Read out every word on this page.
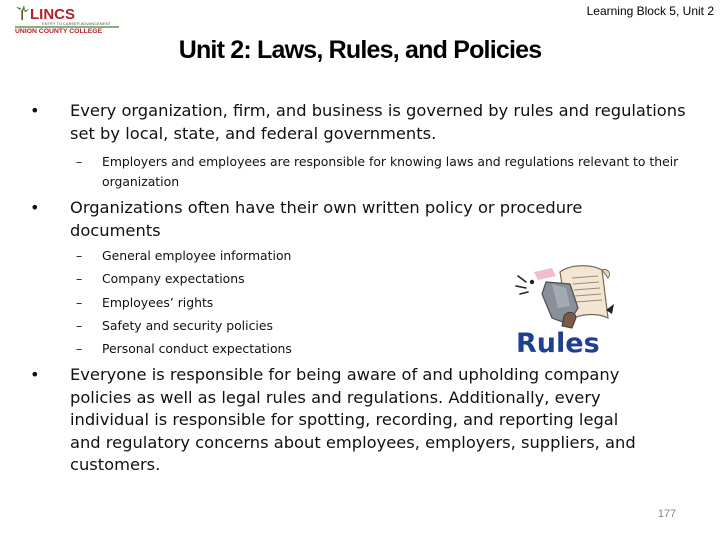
LINCS
ENTRY TO CAREER ADVANCEMENT
UNION COUNTY COLLEGE
Learning Block 5, Unit 2
Unit 2: Laws, Rules, and Policies
• Every organization, firm, and business is governed by rules and regulations set by local, state, and federal governments.
– Employers and employees are responsible for knowing laws and regulations relevant to their organization
• Organizations often have their own written policy or procedure documents
– General employee information
– Company expectations
– Employees’ rights
– Safety and security policies
– Personal conduct expectations	Rules
• Everyone is responsible for being aware of and upholding company policies as well as legal rules and regulations. Additionally, every individual is responsible for spotting, recording, and reporting legal and regulatory concerns about employees, employers, suppliers, and customers.
177
